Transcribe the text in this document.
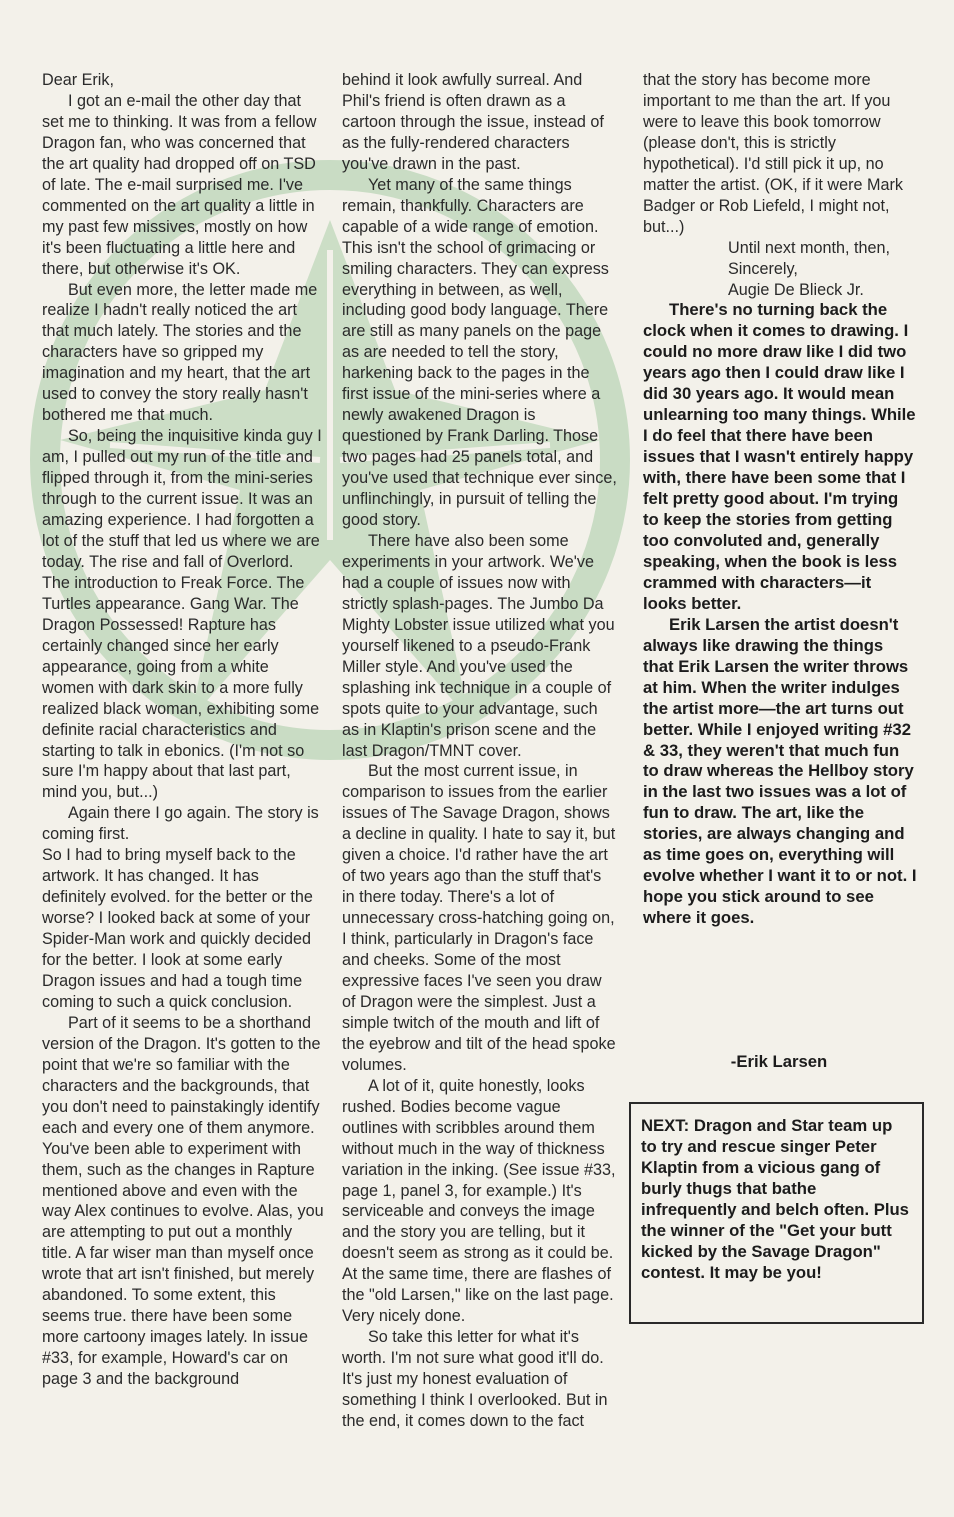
Dear Erik,

I got an e-mail the other day that set me to thinking. It was from a fellow Dragon fan, who was concerned that the art quality had dropped off on TSD of late. The e-mail surprised me. I've commented on the art quality a little in my past few missives, mostly on how it's been fluctuating a little here and there, but otherwise it's OK.

But even more, the letter made me realize I hadn't really noticed the art that much lately. The stories and the characters have so gripped my imagination and my heart, that the art used to convey the story really hasn't bothered me that much.

So, being the inquisitive kinda guy I am, I pulled out my run of the title and flipped through it, from the mini-series through to the current issue. It was an amazing experience. I had forgotten a lot of the stuff that led us where we are today. The rise and fall of Overlord. The introduction to Freak Force. The Turtles appearance. Gang War. The Dragon Possessed! Rapture has certainly changed since her early appearance, going from a white women with dark skin to a more fully realized black woman, exhibiting some definite racial characteristics and starting to talk in ebonics. (I'm not so sure I'm happy about that last part, mind you, but...)

Again there I go again. The story is coming first.

So I had to bring myself back to the artwork. It has changed. It has definitely evolved. for the better or the worse? I looked back at some of your Spider-Man work and quickly decided for the better. I look at some early Dragon issues and had a tough time coming to such a quick conclusion.

Part of it seems to be a shorthand version of the Dragon. It's gotten to the point that we're so familiar with the characters and the backgrounds, that you don't need to painstakingly identify each and every one of them anymore. You've been able to experiment with them, such as the changes in Rapture mentioned above and even with the way Alex continues to evolve. Alas, you are attempting to put out a monthly title. A far wiser man than myself once wrote that art isn't finished, but merely abandoned. To some extent, this seems true. there have been some more cartoony images lately. In issue #33, for example, Howard's car on page 3 and the background

behind it look awfully surreal. And Phil's friend is often drawn as a cartoon through the issue, instead of as the fully-rendered characters you've drawn in the past.

Yet many of the same things remain, thankfully. Characters are capable of a wide range of emotion. This isn't the school of grimacing or smiling characters. They can express everything in between, as well, including good body language. There are still as many panels on the page as are needed to tell the story, harkening back to the pages in the first issue of the mini-series where a newly awakened Dragon is questioned by Frank Darling. Those two pages had 25 panels total, and you've used that technique ever since, unflinchingly, in pursuit of telling the good story.

There have also been some experiments in your artwork. We've had a couple of issues now with strictly splash-pages. The Jumbo Da Mighty Lobster issue utilized what you yourself likened to a pseudo-Frank Miller style. And you've used the splashing ink technique in a couple of spots quite to your advantage, such as in Klaptin's prison scene and the last Dragon/TMNT cover.

But the most current issue, in comparison to issues from the earlier issues of The Savage Dragon, shows a decline in quality. I hate to say it, but given a choice. I'd rather have the art of two years ago than the stuff that's in there today. There's a lot of unnecessary cross-hatching going on, I think, particularly in Dragon's face and cheeks. Some of the most expressive faces I've seen you draw of Dragon were the simplest. Just a simple twitch of the mouth and lift of the eyebrow and tilt of the head spoke volumes.

A lot of it, quite honestly, looks rushed. Bodies become vague outlines with scribbles around them without much in the way of thickness variation in the inking. (See issue #33, page 1, panel 3, for example.) It's serviceable and conveys the image and the story you are telling, but it doesn't seem as strong as it could be. At the same time, there are flashes of the "old Larsen," like on the last page. Very nicely done.

So take this letter for what it's worth. I'm not sure what good it'll do. It's just my honest evaluation of something I think I overlooked. But in the end, it comes down to the fact

that the story has become more important to me than the art. If you were to leave this book tomorrow (please don't, this is strictly hypothetical). I'd still pick it up, no matter the artist. (OK, if it were Mark Badger or Rob Liefeld, I might not, but...)

Until next month, then,

Sincerely,

Augie De Blieck Jr.

There's no turning back the clock when it comes to drawing. I could no more draw like I did two years ago then I could draw like I did 30 years ago. It would mean unlearning too many things. While I do feel that there have been issues that I wasn't entirely happy with, there have been some that I felt pretty good about. I'm trying to keep the stories from getting too convoluted and, generally speaking, when the book is less crammed with characters—it looks better.

Erik Larsen the artist doesn't always like drawing the things that Erik Larsen the writer throws at him. When the writer indulges the artist more—the art turns out better. While I enjoyed writing #32 & 33, they weren't that much fun to draw whereas the Hellboy story in the last two issues was a lot of fun to draw. The art, like the stories, are always changing and as time goes on, everything will evolve whether I want it to or not. I hope you stick around to see where it goes.

-Erik Larsen
NEXT: Dragon and Star team up to try and rescue singer Peter Klaptin from a vicious gang of burly thugs that bathe infrequently and belch often. Plus the winner of the "Get your butt kicked by the Savage Dragon" contest. It may be you!
